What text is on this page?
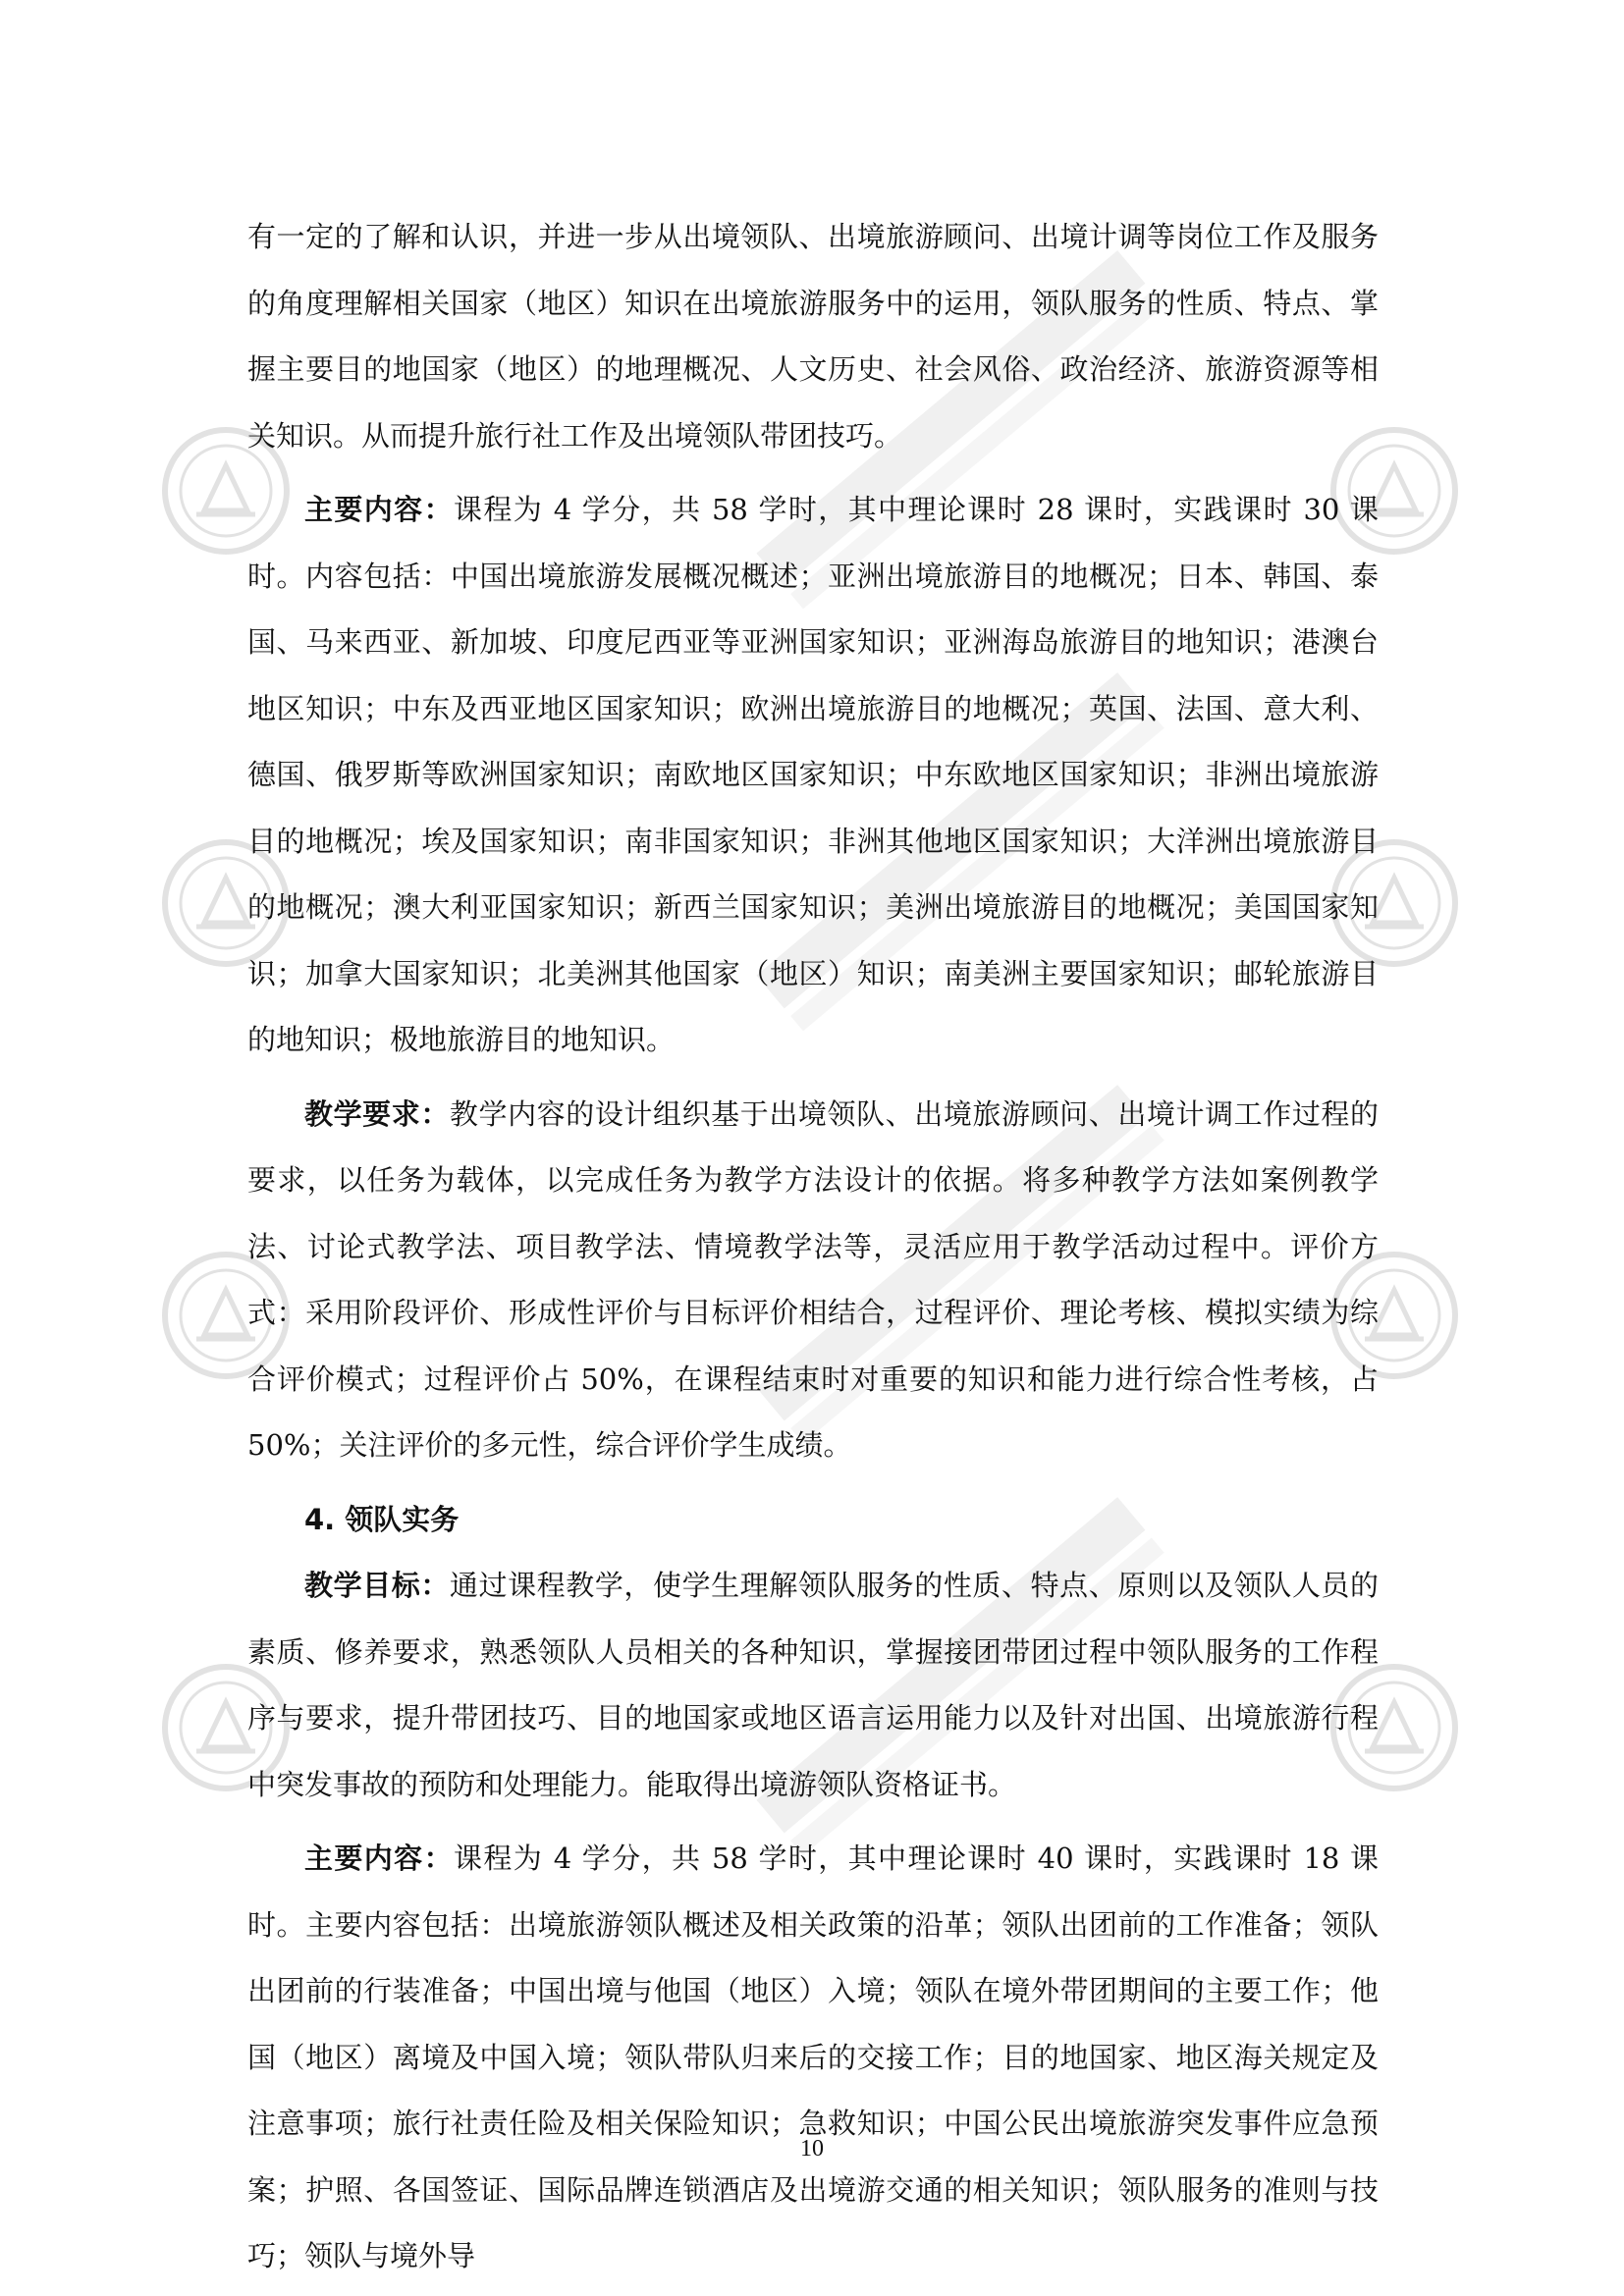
有一定的了解和认识，并进一步从出境领队、出境旅游顾问、出境计调等岗位工作及服务的角度理解相关国家（地区）知识在出境旅游服务中的运用，领队服务的性质、特点、掌握主要目的地国家（地区）的地理概况、人文历史、社会风俗、政治经济、旅游资源等相关知识。从而提升旅行社工作及出境领队带团技巧。

主要内容：课程为 4 学分，共 58 学时，其中理论课时 28 课时，实践课时 30 课时。内容包括：中国出境旅游发展概况概述；亚洲出境旅游目的地概况；日本、韩国、泰国、马来西亚、新加坡、印度尼西亚等亚洲国家知识；亚洲海岛旅游目的地知识；港澳台地区知识；中东及西亚地区国家知识；欧洲出境旅游目的地概况；英国、法国、意大利、德国、俄罗斯等欧洲国家知识；南欧地区国家知识；中东欧地区国家知识；非洲出境旅游目的地概况；埃及国家知识；南非国家知识；非洲其他地区国家知识；大洋洲出境旅游目的地概况；澳大利亚国家知识；新西兰国家知识；美洲出境旅游目的地概况；美国国家知识；加拿大国家知识；北美洲其他国家（地区）知识；南美洲主要国家知识；邮轮旅游目的地知识；极地旅游目的地知识。

教学要求：教学内容的设计组织基于出境领队、出境旅游顾问、出境计调工作过程的要求，以任务为载体，以完成任务为教学方法设计的依据。将多种教学方法如案例教学法、讨论式教学法、项目教学法、情境教学法等，灵活应用于教学活动过程中。评价方式：采用阶段评价、形成性评价与目标评价相结合，过程评价、理论考核、模拟实绩为综合评价模式；过程评价占 50%，在课程结束时对重要的知识和能力进行综合性考核，占 50%；关注评价的多元性，综合评价学生成绩。

4. 领队实务

教学目标：通过课程教学，使学生理解领队服务的性质、特点、原则以及领队人员的素质、修养要求，熟悉领队人员相关的各种知识，掌握接团带团过程中领队服务的工作程序与要求，提升带团技巧、目的地国家或地区语言运用能力以及针对出国、出境旅游行程中突发事故的预防和处理能力。能取得出境游领队资格证书。

主要内容：课程为 4 学分，共 58 学时，其中理论课时 40 课时，实践课时 18 课时。主要内容包括：出境旅游领队概述及相关政策的沿革；领队出团前的工作准备；领队出团前的行装准备；中国出境与他国（地区）入境；领队在境外带团期间的主要工作；他国（地区）离境及中国入境；领队带队归来后的交接工作；目的地国家、地区海关规定及注意事项；旅行社责任险及相关保险知识；急救知识；中国公民出境旅游突发事件应急预案；护照、各国签证、国际品牌连锁酒店及出境游交通的相关知识；领队服务的准则与技巧；领队与境外导

10
